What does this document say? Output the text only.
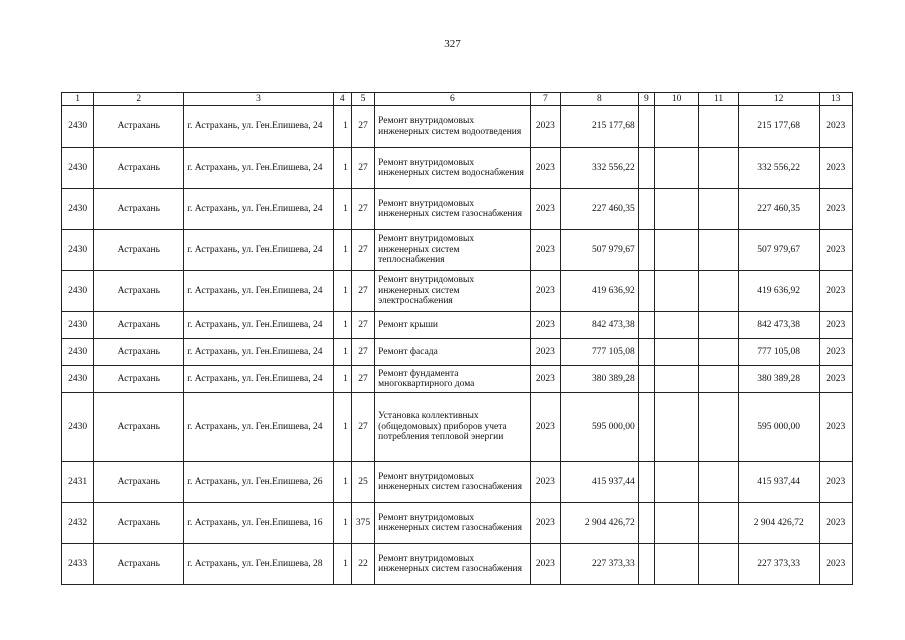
327
1	2	3	4	5	6	7	8	9	10	11	12	13
2430	Астрахань	г. Астрахань, ул. Ген.Епишева, 24	1	27	Ремонт внутридомовых инженерных систем водоотведения	2023	215 177,68				215 177,68	2023
2430	Астрахань	г. Астрахань, ул. Ген.Епишева, 24	1	27	Ремонт внутридомовых инженерных систем водоснабжения	2023	332 556,22				332 556,22	2023
2430	Астрахань	г. Астрахань, ул. Ген.Епишева, 24	1	27	Ремонт внутридомовых инженерных систем газоснабжения	2023	227 460,35				227 460,35	2023
2430	Астрахань	г. Астрахань, ул. Ген.Епишева, 24	1	27	Ремонт внутридомовых инженерных систем теплоснабжения	2023	507 979,67				507 979,67	2023
2430	Астрахань	г. Астрахань, ул. Ген.Епишева, 24	1	27	Ремонт внутридомовых инженерных систем электроснабжения	2023	419 636,92				419 636,92	2023
2430	Астрахань	г. Астрахань, ул. Ген.Епишева, 24	1	27	Ремонт крыши	2023	842 473,38				842 473,38	2023
2430	Астрахань	г. Астрахань, ул. Ген.Епишева, 24	1	27	Ремонт фасада	2023	777 105,08				777 105,08	2023
2430	Астрахань	г. Астрахань, ул. Ген.Епишева, 24	1	27	Ремонт фундамента многоквартирного дома	2023	380 389,28				380 389,28	2023
2430	Астрахань	г. Астрахань, ул. Ген.Епишева, 24	1	27	Установка коллективных (общедомовых) приборов учета потребления тепловой энергии	2023	595 000,00				595 000,00	2023
2431	Астрахань	г. Астрахань, ул. Ген.Епишева, 26	1	25	Ремонт внутридомовых инженерных систем газоснабжения	2023	415 937,44				415 937,44	2023
2432	Астрахань	г. Астрахань, ул. Ген.Епишева, 16	1	375	Ремонт внутридомовых инженерных систем газоснабжения	2023	2 904 426,72				2 904 426,72	2023
2433	Астрахань	г. Астрахань, ул. Ген.Епишева, 28	1	22	Ремонт внутридомовых инженерных систем газоснабжения	2023	227 373,33				227 373,33	2023
